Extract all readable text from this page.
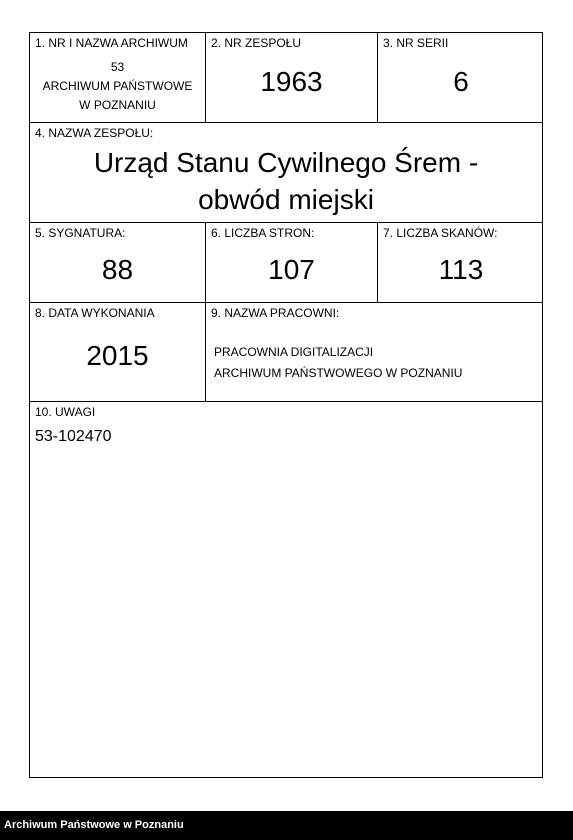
1. NR I NAZWA ARCHIWUM
53
ARCHIWUM PAŃSTWOWE
W POZNANIU
2. NR ZESPOŁU
1963
3. NR SERII
6
4. NAZWA ZESPOŁU:
Urząd Stanu Cywilnego Śrem -
obwód miejski
5. SYGNATURA:
88
6. LICZBA STRON:
107
7. LICZBA SKANÓW:
113
8. DATA WYKONANIA
2015
9. NAZWA PRACOWNI:
PRACOWNIA DIGITALIZACJI
ARCHIWUM PAŃSTWOWEGO W POZNANIU
10. UWAGI
53-102470
Archiwum Państwowe w Poznaniu
